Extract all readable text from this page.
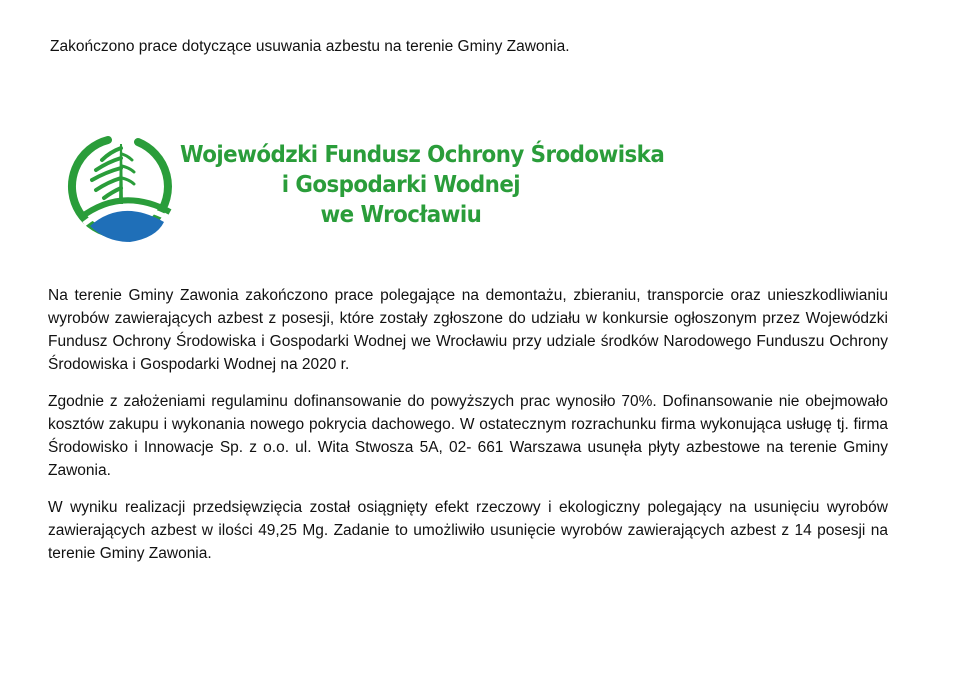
Zakończono prace dotyczące usuwania azbestu na terenie Gminy Zawonia.
Wojewódzki Fundusz Ochrony Środowiska
i Gospodarki Wodnej
we Wrocławiu

Na terenie Gminy Zawonia zakończono prace polegające na demontażu, zbieraniu, transporcie oraz unieszkodliwianiu wyrobów zawierających azbest z posesji, które zostały zgłoszone do udziału w konkursie ogłoszonym przez Wojewódzki Fundusz Ochrony Środowiska i Gospodarki Wodnej we Wrocławiu przy udziale środków Narodowego Funduszu Ochrony Środowiska i Gospodarki Wodnej na 2020 r.

Zgodnie z założeniami regulaminu dofinansowanie do powyższych prac wynosiło 70%. Dofinansowanie nie obejmowało kosztów zakupu i wykonania nowego pokrycia dachowego. W ostatecznym rozrachunku firma wykonująca usługę tj. firma Środowisko i Innowacje Sp. z o.o. ul. Wita Stwosza 5A, 02- 661 Warszawa usunęła płyty azbestowe na terenie Gminy Zawonia.

W wyniku realizacji przedsięwzięcia został osiągnięty efekt rzeczowy i ekologiczny polegający na usunięciu wyrobów zawierających azbest w ilości 49,25 Mg. Zadanie to umożliwiło usunięcie wyrobów zawierających azbest z 14 posesji na terenie Gminy Zawonia.
